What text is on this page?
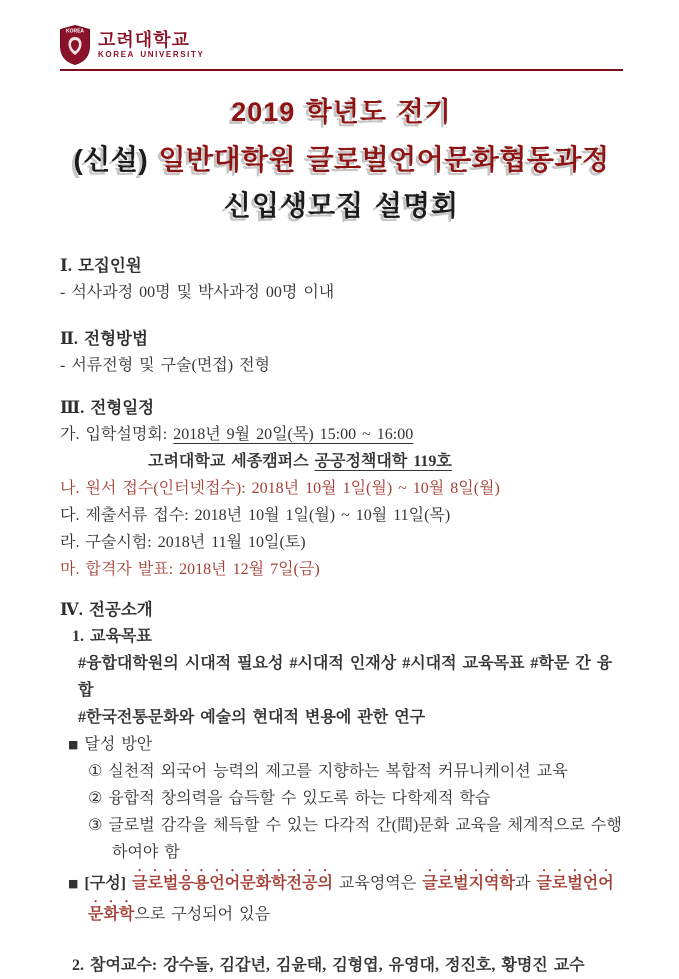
KOREA 고려대학교
KOREA UNIVERSITY
2019 학년도 전기
(신설) 일반대학원 글로벌언어문화협동과정
신입생모집 설명회
Ⅰ. 모집인원
- 석사과정 00명 및 박사과정 00명 이내
Ⅱ. 전형방법
- 서류전형 및 구술(면접) 전형
Ⅲ. 전형일정
가. 입학설명회: 2018년 9월 20일(목) 15:00 ~ 16:00
고려대학교 세종캠퍼스 공공정책대학 119호
나. 원서 접수(인터넷접수): 2018년 10월 1일(월) ~ 10월 8일(월)
다. 제출서류 접수: 2018년 10월 1일(월) ~ 10월 11일(목)
라. 구술시험: 2018년 11월 10일(토)
마. 합격자 발표: 2018년 12월 7일(금)
Ⅳ. 전공소개
1. 교육목표
#융합대학원의 시대적 필요성 #시대적 인재상 #시대적 교육목표 #학문 간 융합
#한국전통문화와 예술의 현대적 변용에 관한 연구
■ 달성 방안
① 실천적 외국어 능력의 제고를 지향하는 복합적 커뮤니케이션 교육
② 융합적 창의력을 습득할 수 있도록 하는 다학제적 학습
③ 글로벌 감각을 체득할 수 있는 다각적 간(間)문화 교육을 체계적으로 수행하여야 함
■ [구성] 글로벌응용언어문화학전공의 교육영역은 글로벌지역학과 글로벌언어문화학으로 구성되어 있음
2. 참여교수: 강수돌, 김갑년, 김윤태, 김형엽, 유영대, 정진호, 황명진 교수
